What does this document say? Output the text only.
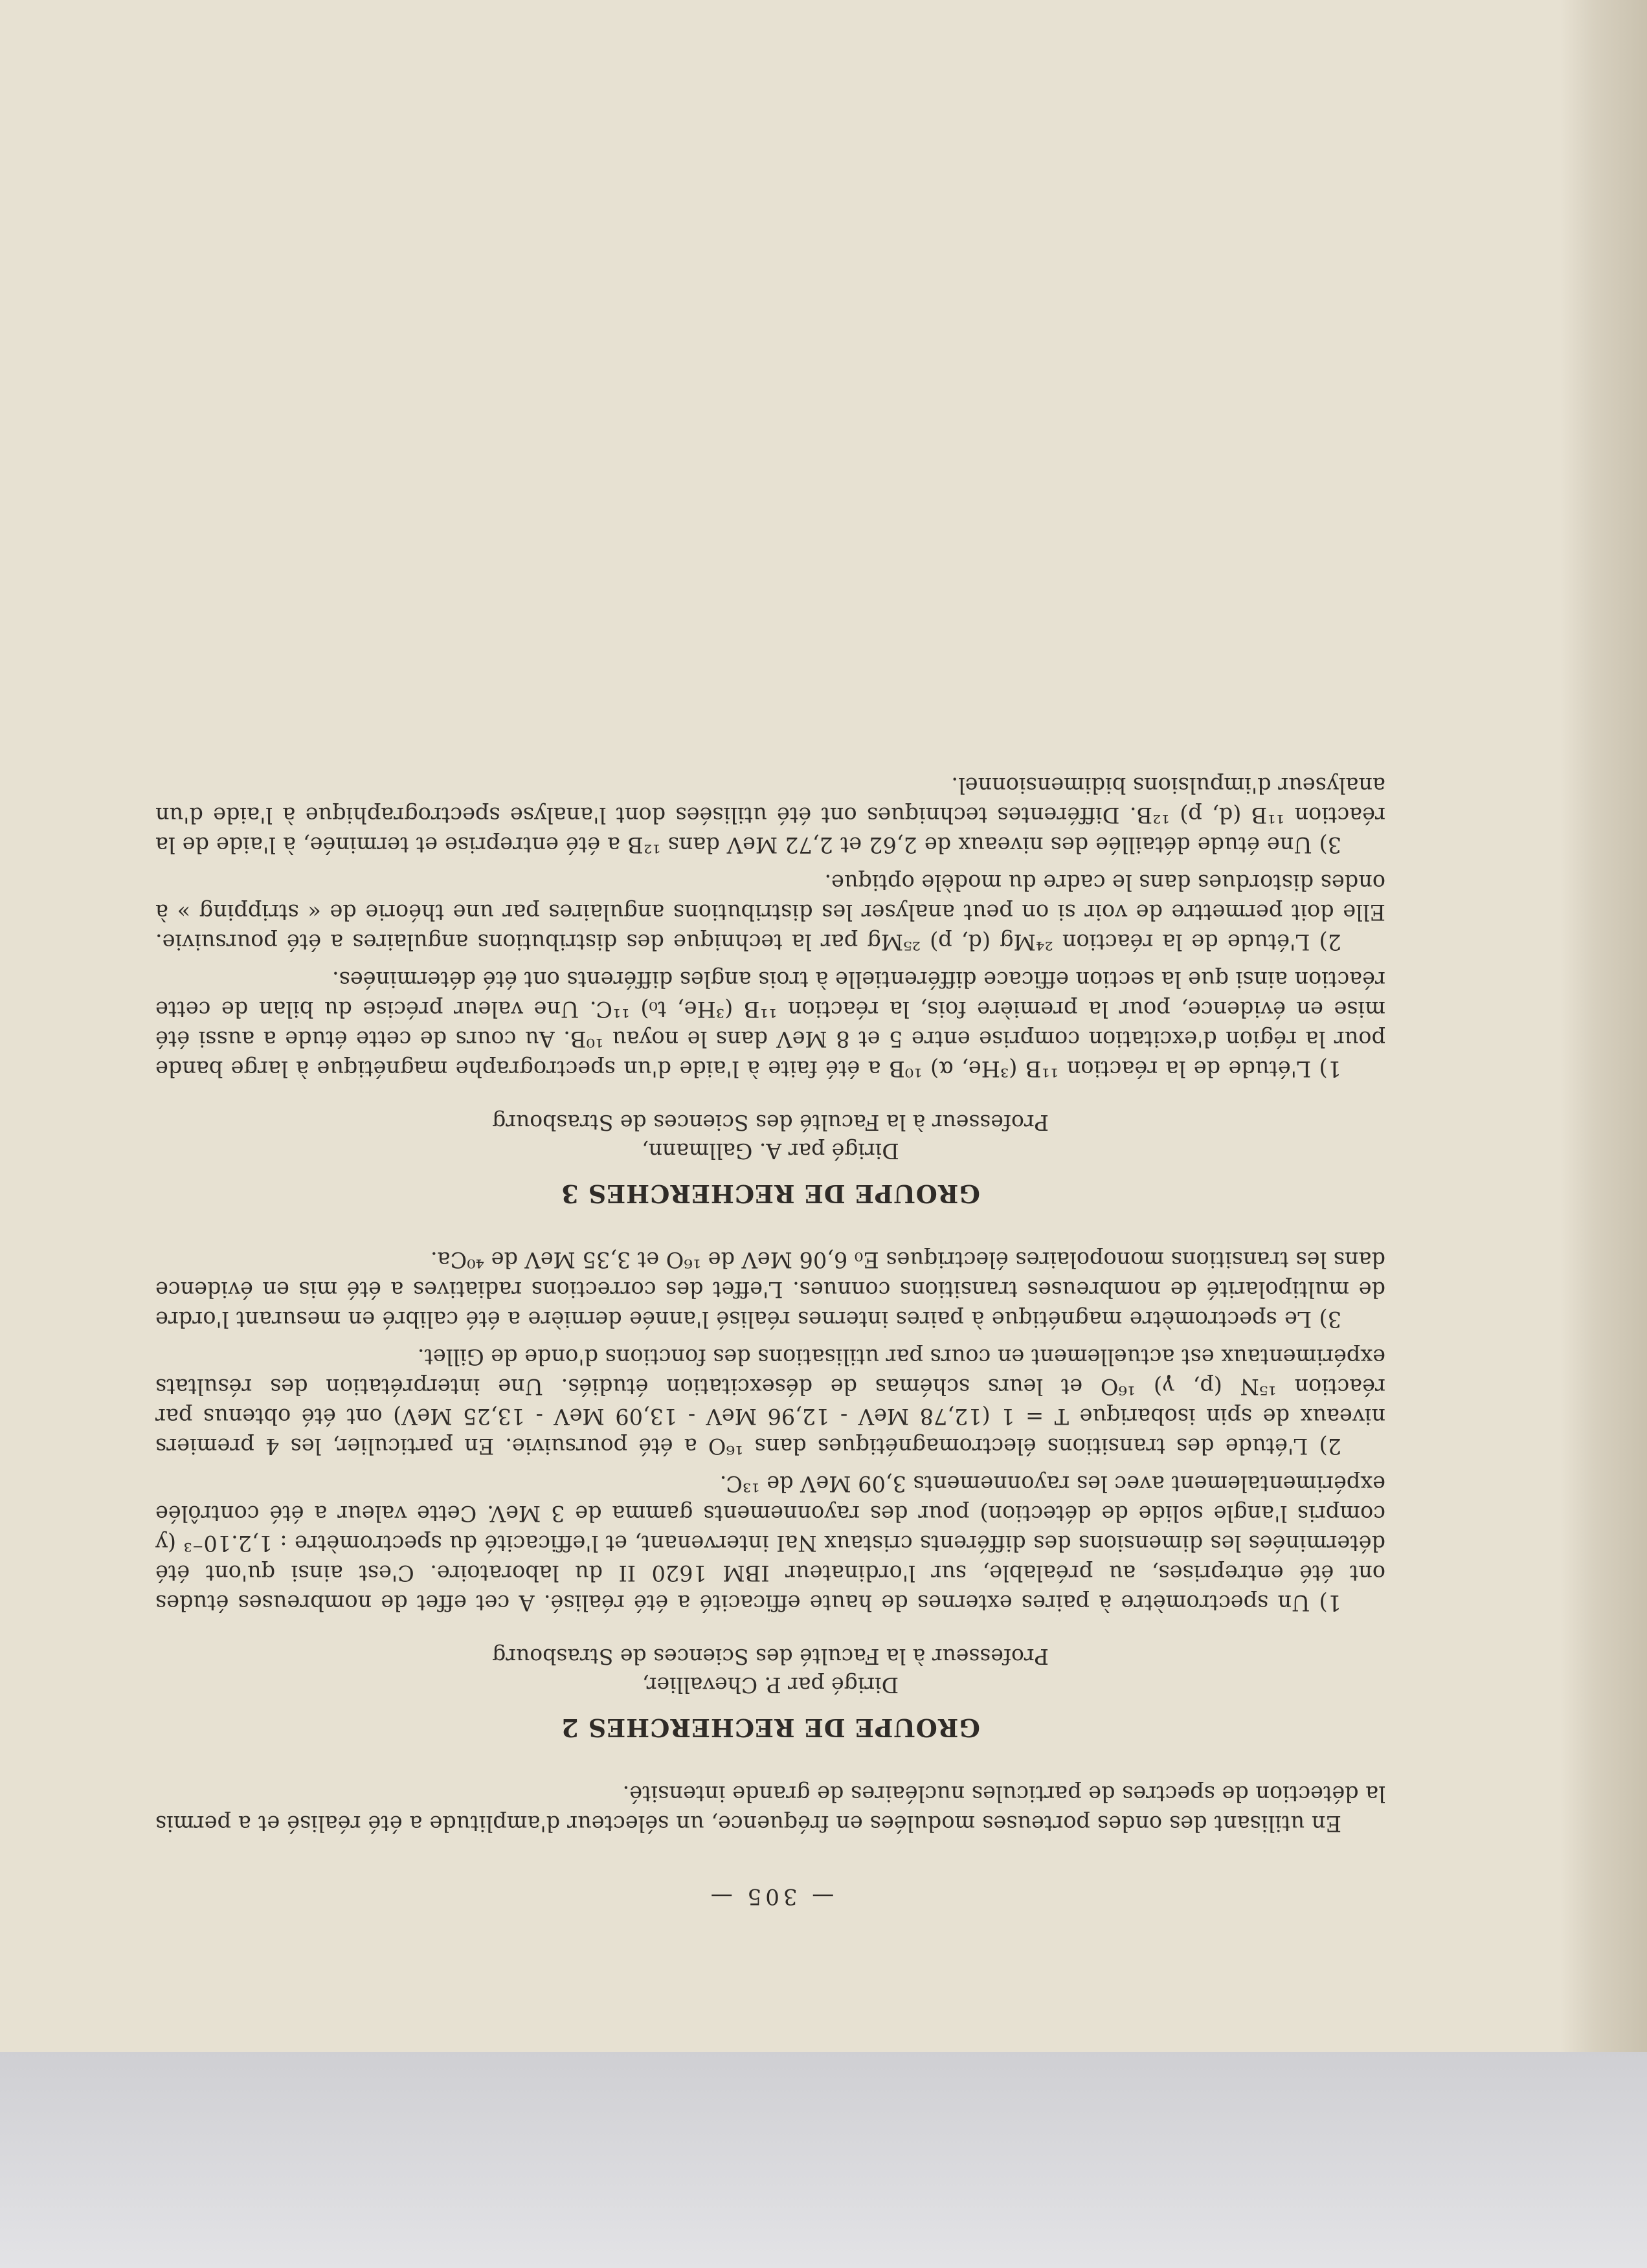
— 305 —

En utilisant des ondes porteuses modulées en fréquence, un sélecteur d'amplitude a été réalisé et a permis la détection de spectres de particules nucléaires de grande intensité.

GROUPE DE RECHERCHES 2

Dirigé par P. Chevallier,

Professeur à la Faculté des Sciences de Strasbourg

1) Un spectromètre à paires externes de haute efficacité a été réalisé. A cet effet de nombreuses études ont été entreprises, au préalable, sur l'ordinateur IBM 1620 II du laboratoire. C'est ainsi qu'ont été déterminées les dimensions des différents cristaux NaI intervenant, et l'efficacité du spectromètre : 1,2.10⁻³ (y compris l'angle solide de détection) pour des rayonnements gamma de 3 MeV. Cette valeur a été contrôlée expérimentalement avec les rayonnements 3,09 MeV de ¹³C.

2) L'étude des transitions électromagnétiques dans ¹⁶O a été poursuivie. En particulier, les 4 premiers niveaux de spin isobarique T = 1 (12,78 MeV - 12,96 MeV - 13,09 MeV - 13,25 MeV) ont été obtenus par réaction ¹⁵N (p, γ) ¹⁶O et leurs schémas de désexcitation étudiés. Une interprétation des résultats expérimentaux est actuellement en cours par utilisations des fonctions d'onde de Gillet.

3) Le spectromètre magnétique à paires internes réalisé l'année dernière a été calibré en mesurant l'ordre de multipolarité de nombreuses transitions connues. L'effet des corrections radiatives a été mis en évidence dans les transitions monopolaires électriques E₀ 6,06 MeV de ¹⁶O et 3,35 MeV de ⁴⁰Ca.

GROUPE DE RECHERCHES 3

Dirigé par A. Gallmann,

Professeur à la Faculté des Sciences de Strasbourg

1) L'étude de la réaction ¹¹B (³He, α) ¹⁰B a été faite à l'aide d'un spectrographe magnétique à large bande pour la région d'excitation comprise entre 5 et 8 MeV dans le noyau ¹⁰B. Au cours de cette étude a aussi été mise en évidence, pour la première fois, la réaction ¹¹B (³He, t₀) ¹¹C. Une valeur précise du bilan de cette réaction ainsi que la section efficace différentielle à trois angles différents ont été déterminées.

2) L'étude de la réaction ²⁴Mg (d, p) ²⁵Mg par la technique des distributions angulaires a été poursuivie. Elle doit permettre de voir si on peut analyser les distributions angulaires par une théorie de « stripping » à ondes distordues dans le cadre du modèle optique.

3) Une étude détaillée des niveaux de 2,62 et 2,72 MeV dans ¹²B a été entreprise et terminée, à l'aide de la réaction ¹¹B (d, p) ¹²B. Différentes techniques ont été utilisées dont l'analyse spectrographique à l'aide d'un analyseur d'impulsions bidimensionnel.
